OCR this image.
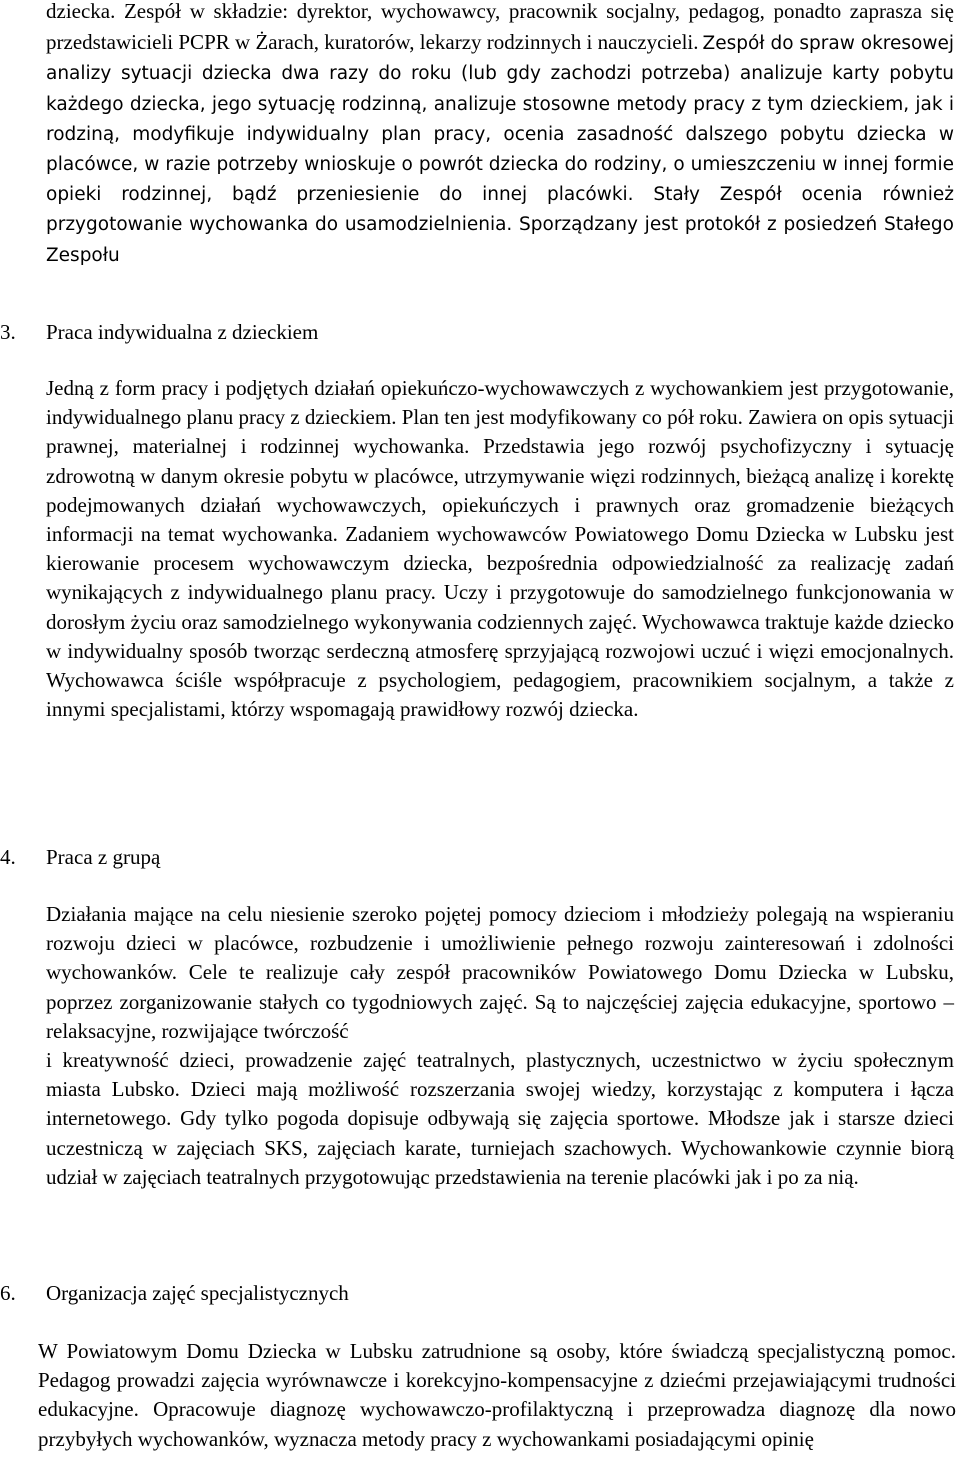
dziecka. Zespół w składzie: dyrektor, wychowawcy, pracownik socjalny, pedagog, ponadto zaprasza się przedstawicieli PCPR w Żarach, kuratorów, lekarzy rodzinnych i nauczycieli. Zespół do spraw okresowej analizy sytuacji dziecka dwa razy do roku (lub gdy zachodzi potrzeba) analizuje karty pobytu każdego dziecka, jego sytuację rodzinną, analizuje stosowne metody pracy z tym dzieckiem, jak i rodziną, modyfikuje indywidualny plan pracy, ocenia zasadność dalszego pobytu dziecka w placówce, w razie potrzeby wnioskuje o powrót dziecka do rodziny, o umieszczeniu w innej formie opieki rodzinnej, bądź przeniesienie do innej placówki. Stały Zespół ocenia również przygotowanie wychowanka do usamodzielnienia. Sporządzany jest protokół z posiedzeń Stałego Zespołu

3. Praca indywidualna z dzieckiem

Jedną z form pracy i podjętych działań opiekuńczo-wychowawczych z wychowankiem jest przygotowanie, indywidualnego planu pracy z dzieckiem. Plan ten jest modyfikowany co pół roku. Zawiera on opis sytuacji prawnej, materialnej i rodzinnej wychowanka. Przedstawia jego rozwój psychofizyczny i sytuację zdrowotną w danym okresie pobytu w placówce, utrzymywanie więzi rodzinnych, bieżącą analizę i korektę podejmowanych działań wychowawczych, opiekuńczych i prawnych oraz gromadzenie bieżących informacji na temat wychowanka. Zadaniem wychowawców Powiatowego Domu Dziecka w Lubsku jest kierowanie procesem wychowawczym dziecka, bezpośrednia odpowiedzialność za realizację zadań wynikających z indywidualnego planu pracy. Uczy i przygotowuje do samodzielnego funkcjonowania w dorosłym życiu oraz samodzielnego wykonywania codziennych zajęć. Wychowawca traktuje każde dziecko w indywidualny sposób tworząc serdeczną atmosferę sprzyjającą rozwojowi uczuć i więzi emocjonalnych. Wychowawca ściśle współpracuje z psychologiem, pedagogiem, pracownikiem socjalnym, a także z innymi specjalistami, którzy wspomagają prawidłowy rozwój dziecka.

4. Praca z grupą
Działania mające na celu niesienie szeroko pojętej pomocy dzieciom i młodzieży polegają na wspieraniu rozwoju dzieci w placówce, rozbudzenie i umożliwienie pełnego rozwoju zainteresowań i zdolności wychowanków. Cele te realizuje cały zespół pracowników Powiatowego Domu Dziecka w Lubsku, poprzez zorganizowanie stałych co tygodniowych zajęć. Są to najczęściej zajęcia edukacyjne, sportowo – relaksacyjne, rozwijające twórczość
i kreatywność dzieci, prowadzenie zajęć teatralnych, plastycznych, uczestnictwo w życiu społecznym miasta Lubsko. Dzieci mają możliwość rozszerzania swojej wiedzy, korzystając z komputera i łącza internetowego. Gdy tylko pogoda dopisuje odbywają się zajęcia sportowe. Młodsze jak i starsze dzieci uczestniczą w zajęciach SKS, zajęciach karate, turniejach szachowych. Wychowankowie czynnie biorą udział w zajęciach teatralnych przygotowując przedstawienia na terenie placówki jak i po za nią.
6. Organizacja zajęć specjalistycznych

W Powiatowym Domu Dziecka w Lubsku zatrudnione są osoby, które świadczą specjalistyczną pomoc. Pedagog prowadzi zajęcia wyrównawcze i korekcyjno-kompensacyjne z dziećmi przejawiającymi trudności edukacyjne. Opracowuje diagnozę wychowawczo-profilaktyczną i przeprowadza diagnozę dla nowo przybyłych wychowanków, wyznacza metody pracy z wychowankami posiadającymi opinię
